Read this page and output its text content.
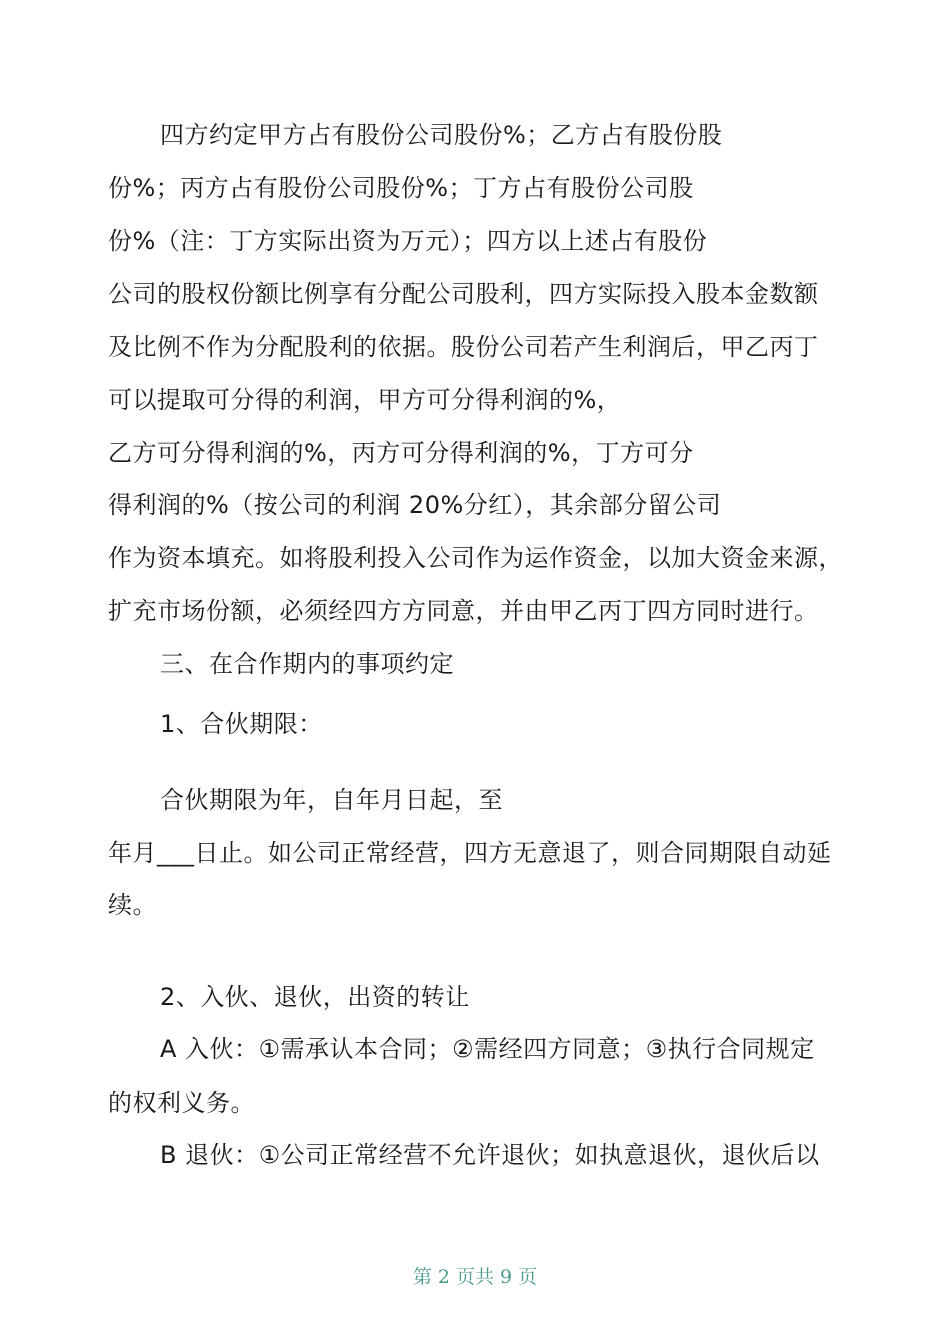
四方约定甲方占有股份公司股份%；乙方占有股份股
份%；丙方占有股份公司股份%；丁方占有股份公司股
份%（注：丁方实际出资为万元）；四方以上述占有股份
公司的股权份额比例享有分配公司股利，四方实际投入股本金数额
及比例不作为分配股利的依据。股份公司若产生利润后，甲乙丙丁
可以提取可分得的利润，甲方可分得利润的%，
乙方可分得利润的%，丙方可分得利润的%，丁方可分
得利润的%（按公司的利润 20%分红），其余部分留公司
作为资本填充。如将股利投入公司作为运作资金，以加大资金来源，
扩充市场份额，必须经四方方同意，并由甲乙丙丁四方同时进行。
三、在合作期内的事项约定
1、合伙期限：
合伙期限为年，自年月日起，至
年月___日止。如公司正常经营，四方无意退了，则合同期限自动延
续。
2、入伙、退伙，出资的转让
A 入伙：①需承认本合同；②需经四方同意；③执行合同规定
的权利义务。
B 退伙：①公司正常经营不允许退伙；如执意退伙，退伙后以
第 2 页共 9 页
